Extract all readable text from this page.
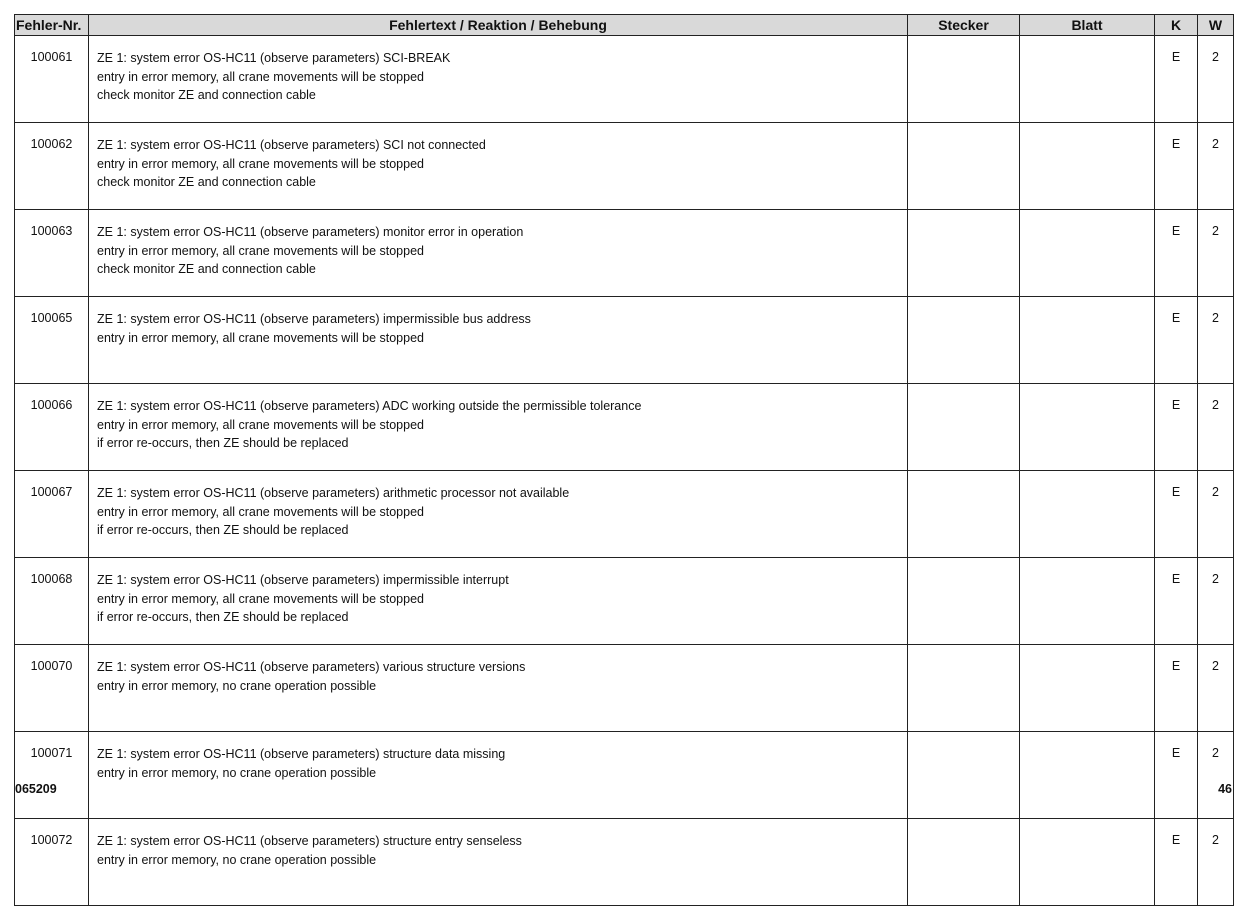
Fehler-Nr.	Fehlertext / Reaktion / Behebung	Stecker	Blatt	K	W
100061	ZE 1: system error OS-HC11 (observe parameters) SCI-BREAK
entry in error memory, all crane movements will be stopped
check monitor ZE and connection cable			E	2
100062	ZE 1: system error OS-HC11 (observe parameters) SCI not connected
entry in error memory, all crane movements will be stopped
check monitor ZE and connection cable			E	2
100063	ZE 1: system error OS-HC11 (observe parameters) monitor error in operation
entry in error memory, all crane movements will be stopped
check monitor ZE and connection cable			E	2
100065	ZE 1: system error OS-HC11 (observe parameters) impermissible bus address
entry in error memory, all crane movements will be stopped			E	2
100066	ZE 1: system error OS-HC11 (observe parameters) ADC working outside the permissible tolerance
entry in error memory, all crane movements will be stopped
if error re-occurs, then ZE should be replaced			E	2
100067	ZE 1: system error OS-HC11 (observe parameters) arithmetic processor not available
entry in error memory, all crane movements will be stopped
if error re-occurs, then ZE should be replaced			E	2
100068	ZE 1: system error OS-HC11 (observe parameters) impermissible interrupt
entry in error memory, all crane movements will be stopped
if error re-occurs, then ZE should be replaced			E	2
100070	ZE 1: system error OS-HC11 (observe parameters) various structure versions
entry in error memory, no crane operation possible			E	2
100071	ZE 1: system error OS-HC11 (observe parameters) structure data missing
entry in error memory, no crane operation possible			E	2
100072	ZE 1: system error OS-HC11 (observe parameters) structure entry senseless
entry in error memory, no crane operation possible			E	2
065209	46
